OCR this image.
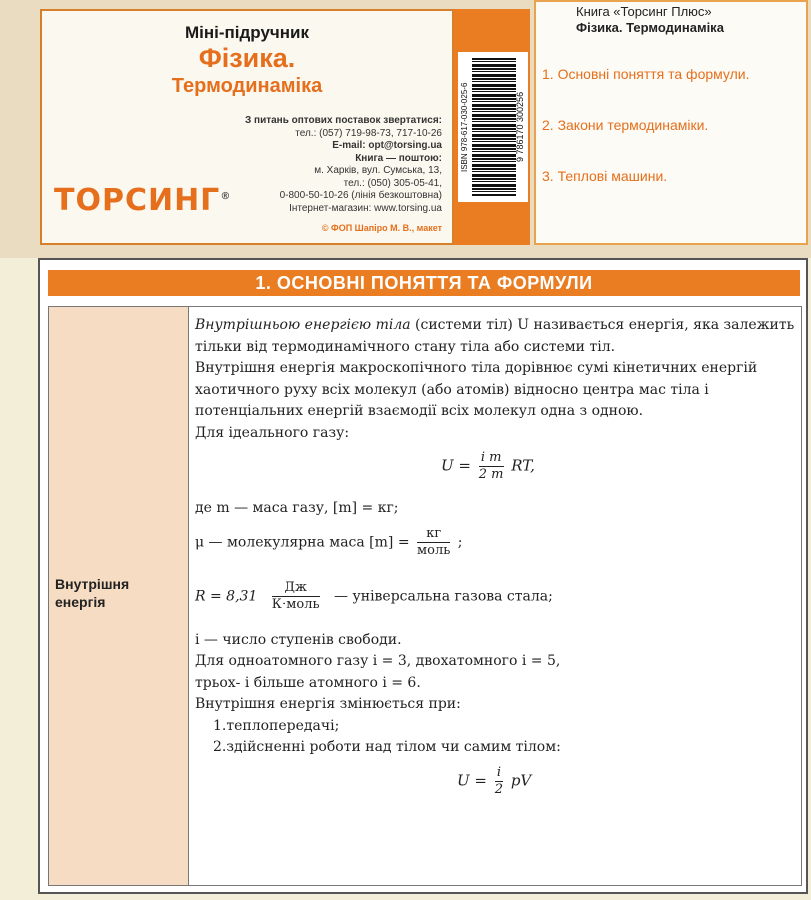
Міні-підручник
Фізика.
Термодинаміка
З питань оптових поставок звертатися:
тел.: (057) 719-98-73, 717-10-26
E-mail: opt@torsing.ua
Книга — поштою:
м. Харків, вул. Сумська, 13,
тел.: (050) 305-05-41,
0-800-50-10-26 (лінія безкоштовна)
Інтернет-магазин: www.torsing.ua
ТОРСИНГ®
© ФОП Шапіро М. В., макет
ISBN 978-617-030-025-6	9 786170 300256
Книга «Торсинг Плюс»
Фізика. Термодинаміка
1. Основні поняття та формули.
2. Закони термодинаміки.
3. Теплові машини.
1. ОСНОВНІ ПОНЯТТЯ ТА ФОРМУЛИ
Внутрішня
енергія

Внутрішньою енергією тіла (системи тіл) U називається енергія, яка залежить тільки від термодинамічного стану тіла або системи тіл.

Внутрішня енергія макроскопічного тіла дорівнює сумі кінетичних енергій хаотичного руху всіх молекул (або атомів) відносно центра мас тіла і потенціальних енергій взаємодії всіх молекул одна з одною.

Для ідеального газу:

$U = \frac{\text{i m}}{2 m}$ RT,

де m — маса газу, [m] = кг;

μ — молекулярна маса $[m] = \frac{кг}{\text{моль}}$ ;
$R = 8,31 \frac{Дж}{\text{К⋅моль}}$ — універсальна газова стала;

i — число ступенів свободи.

Для одноатомного газу i = 3, двохатомного i = 5,

трьох- і більше атомного i = 6.

Внутрішня енергія змінюється при:

1.теплопередачі;

2.здійсненні роботи над тілом чи самим тілом:

$U = \frac{i}{2}$ pV
